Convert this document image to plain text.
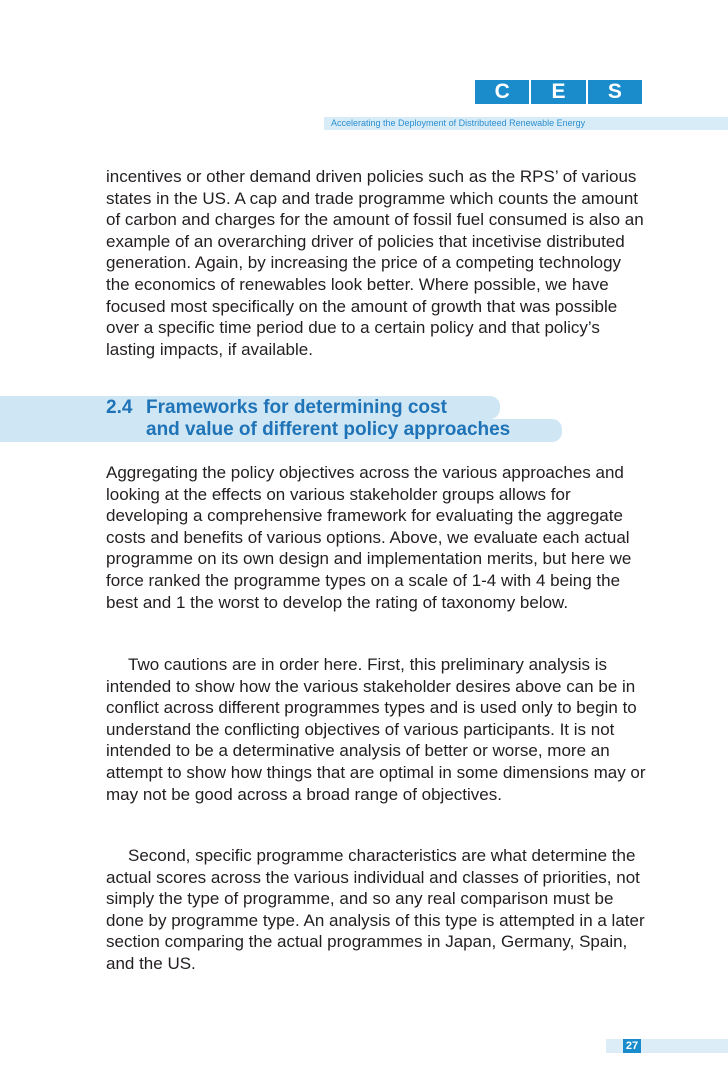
C	E	S
Accelerating the Deployment of Distributeed Renewable Energy

incentives or other demand driven policies such as the RPS’ of various states in the US. A cap and trade programme which counts the amount of carbon and charges for the amount of fossil fuel consumed is also an example of an overarching driver of policies that incetivise distributed generation. Again, by increasing the price of a competing technology the economics of renewables look better. Where possible, we have focused most specifically on the amount of growth that was possible over a specific time period due to a certain policy and that policy’s lasting impacts, if available.

2.4 Frameworks for determining cost
and value of different policy approaches

Aggregating the policy objectives across the various approaches and looking at the effects on various stakeholder groups allows for developing a comprehensive framework for evaluating the aggregate costs and benefits of various options. Above, we evaluate each actual programme on its own design and implementation merits, but here we force ranked the programme types on a scale of 1-4 with 4 being the best and 1 the worst to develop the rating of taxonomy below.

Two cautions are in order here. First, this preliminary analysis is intended to show how the various stakeholder desires above can be in conflict across different programmes types and is used only to begin to understand the conflicting objectives of various participants. It is not intended to be a determinative analysis of better or worse, more an attempt to show how things that are optimal in some dimensions may or may not be good across a broad range of objectives.

Second, specific programme characteristics are what determine the actual scores across the various individual and classes of priorities, not simply the type of programme, and so any real comparison must be done by programme type. An analysis of this type is attempted in a later section comparing the actual programmes in Japan, Germany, Spain, and the US.

27
